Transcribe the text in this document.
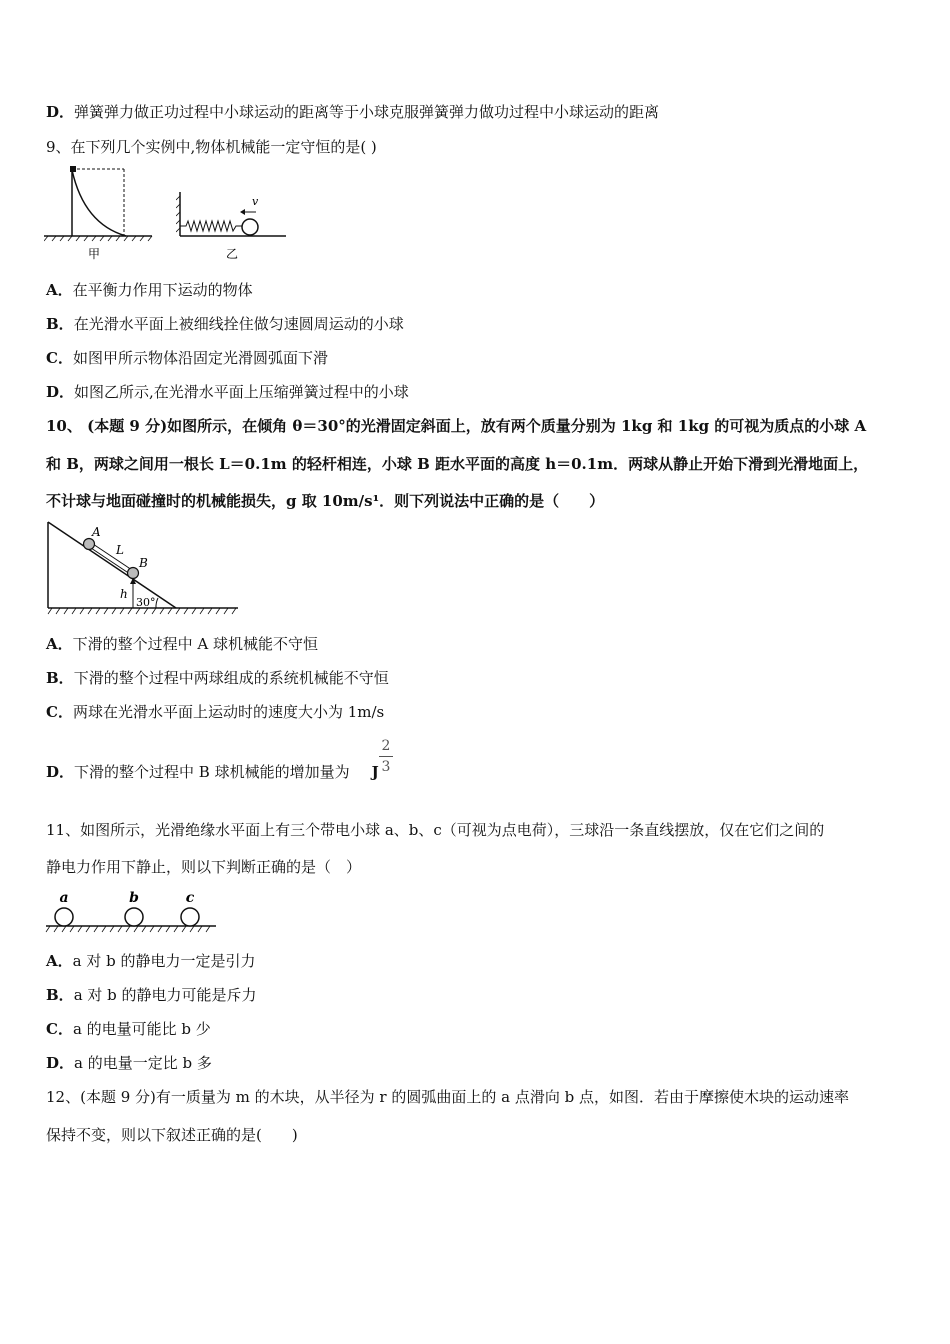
D．弹簧弹力做正功过程中小球运动的距离等于小球克服弹簧弹力做功过程中小球运动的距离
9、在下列几个实例中,物体机械能一定守恒的是( )
甲
v
乙
A．在平衡力作用下运动的物体
B．在光滑水平面上被细线拴住做匀速圆周运动的小球
C．如图甲所示物体沿固定光滑圆弧面下滑
D．如图乙所示,在光滑水平面上压缩弹簧过程中的小球
10、 (本题 9 分)如图所示，在倾角 θ＝30°的光滑固定斜面上，放有两个质量分别为 1kg 和 1kg 的可视为质点的小球 A
和 B，两球之间用一根长 L＝0.1m 的轻杆相连，小球 B 距水平面的高度 h＝0.1m．两球从静止开始下滑到光滑地面上，
不计球与地面碰撞时的机械能损失，g 取 10m/s¹．则下列说法中正确的是（　　）
A
L
B
h
30°
A．下滑的整个过程中 A 球机械能不守恒
B．下滑的整个过程中两球组成的系统机械能不守恒
C．两球在光滑水平面上运动时的速度大小为 1m/s
D．下滑的整个过程中 B 球机械能的增加量为 J
2
3
11、如图所示，光滑绝缘水平面上有三个带电小球 a、b、c（可视为点电荷），三球沿一条直线摆放，仅在它们之间的
静电力作用下静止，则以下判断正确的是（　）
a	b	c
A．a 对 b 的静电力一定是引力
B．a 对 b 的静电力可能是斥力
C．a 的电量可能比 b 少
D．a 的电量一定比 b 多
12、(本题 9 分)有一质量为 m 的木块，从半径为 r 的圆弧曲面上的 a 点滑向 b 点，如图．若由于摩擦使木块的运动速率
保持不变，则以下叙述正确的是(　　)
